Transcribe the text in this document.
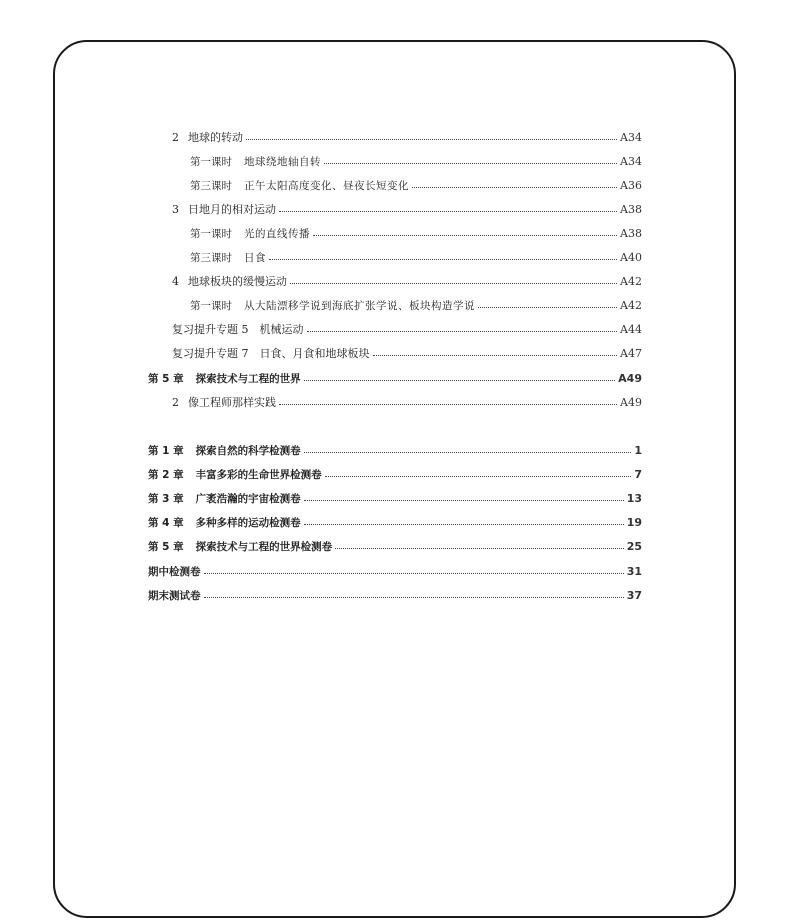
2 地球的转动	A34
第一课时 地球绕地轴自转	A34
第三课时 正午太阳高度变化、昼夜长短变化	A36
3 日地月的相对运动	A38
第一课时 光的直线传播	A38
第三课时 日食	A40
4 地球板块的缓慢运动	A42
第一课时 从大陆漂移学说到海底扩张学说、板块构造学说	A42
复习提升专题 5　机械运动	A44
复习提升专题 7　日食、月食和地球板块	A47
第 5 章 探索技术与工程的世界	A49
2 像工程师那样实践	A49
第 1 章 探索自然的科学检测卷	1
第 2 章 丰富多彩的生命世界检测卷	7
第 3 章 广袤浩瀚的宇宙检测卷	13
第 4 章 多种多样的运动检测卷	19
第 5 章 探索技术与工程的世界检测卷	25
期中检测卷	31
期末测试卷	37
